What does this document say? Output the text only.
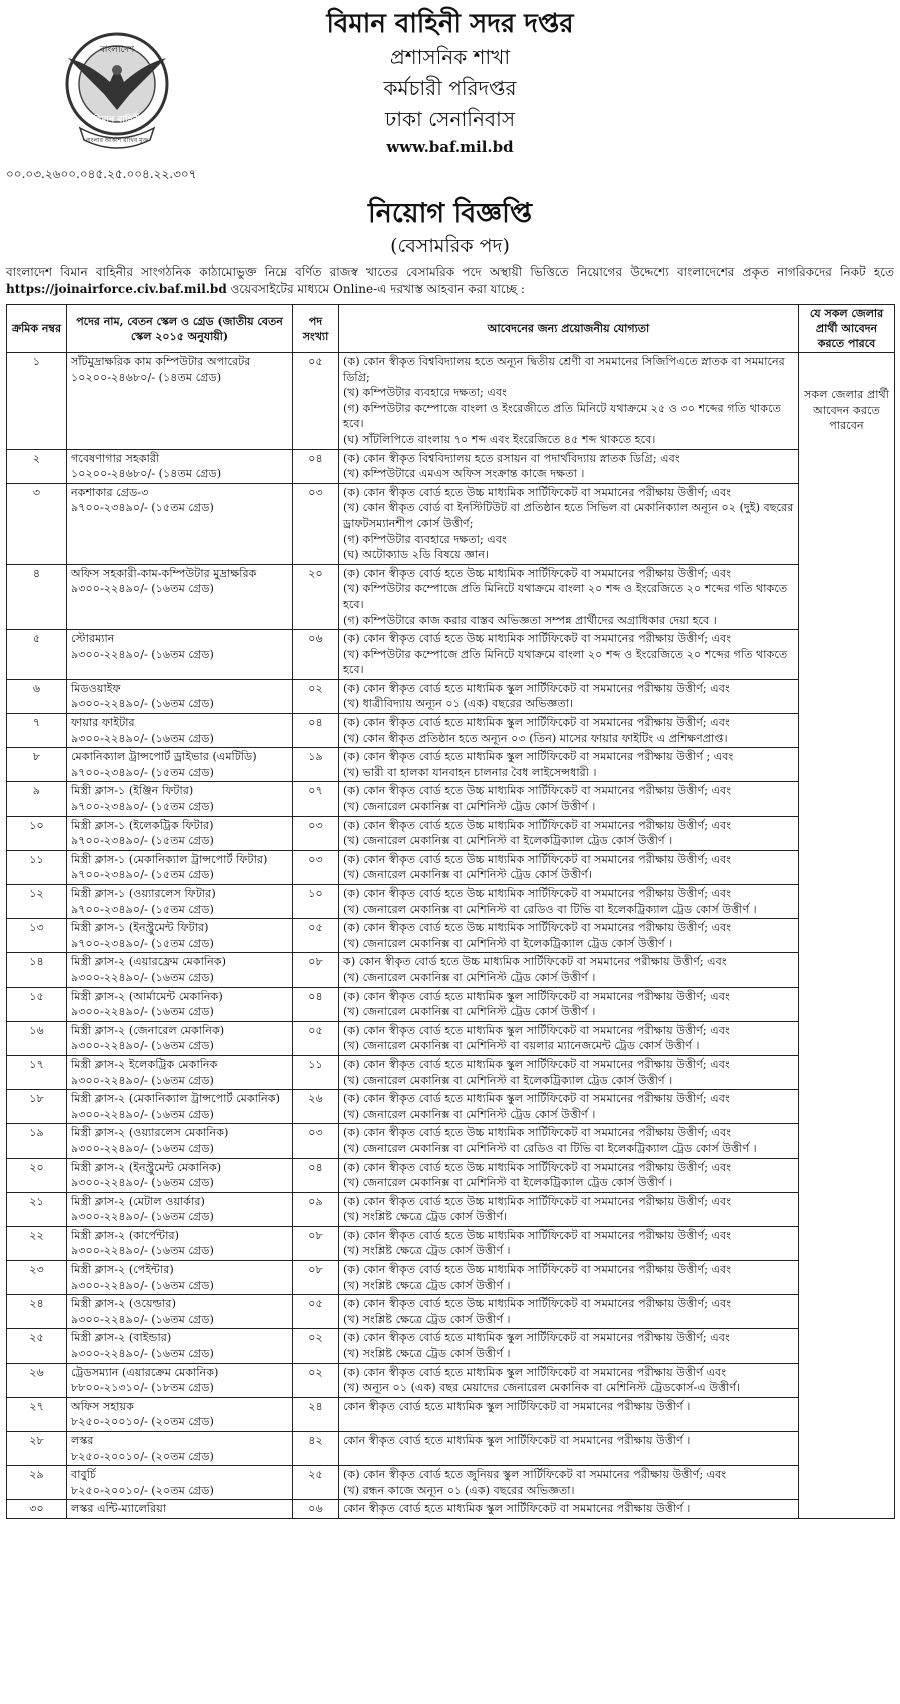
বাংলাদেশ
বিমান বাহিনী
বাংলার আকাশ রাখিব মুক্ত
বিমান বাহিনী সদর দপ্তর
প্রশাসনিক শাখা
কর্মচারী পরিদপ্তর
ঢাকা সেনানিবাস
www.baf.mil.bd
০০.০৩.২৬০০.০৪৫.২৫.০০৪.২২.৩০৭
নিয়োগ বিজ্ঞপ্তি
(বেসামরিক পদ)
বাংলাদেশ বিমান বাহিনীর সাংগঠনিক কাঠামোভুক্ত নিম্নে বর্ণিত রাজস্ব খাতের বেসামরিক পদে অস্থায়ী ভিত্তিতে নিয়োগের উদ্দেশ্যে বাংলাদেশের প্রকৃত নাগরিকদের নিকট হতে https://joinairforce.civ.baf.mil.bd ওয়েবসাইটের মাধ্যমে Online-এ দরখাস্ত আহবান করা যাচ্ছে :
ক্রমিক নম্বর	পদের নাম, বেতন স্কেল ও গ্রেড (জাতীয় বেতন স্কেল ২০১৫ অনুযায়ী)	পদ সংখ্যা	আবেদনের জন্য প্রয়োজনীয় যোগ্যতা	যে সকল জেলার প্রার্থী আবেদন করতে পারবে
১	সাঁটমুদ্রাক্ষরিক কাম কম্পিউটার অপারেটর
১০২০০-২৪৬৮০/- (১৪তম গ্রেড)	০৫	(ক) কোন স্বীকৃত বিশ্ববিদ্যালয় হতে অন্যূন দ্বিতীয় শ্রেণী বা সমমানের সিজিপিএতে স্নাতক বা সমমানের ডিগ্রি;
(খ) কম্পিউটার ব্যবহারে দক্ষতা; এবং
(গ) কম্পিউটার কম্পোজে বাংলা ও ইংরেজীতে প্রতি মিনিটে যথাক্রমে ২৫ ও ৩০ শব্দের গতি থাকতে হবে।
(ঘ) সাঁটলিপিতে বাংলায় ৭০ শব্দ এবং ইংরেজিতে ৪৫ শব্দ থাকতে হবে।	সকল জেলার প্রার্থী আবেদন করতে পারবেন
২	গবেষণাগার সহকারী
১০২০০-২৪৬৮০/- (১৪তম গ্রেড)	০৪	(ক) কোন স্বীকৃত বিশ্ববিদ্যালয় হতে রসায়ন বা পদার্থবিদ্যায় স্নাতক ডিগ্রি; এবং
(খ) কম্পিউটারে এমএস অফিস সংক্রান্ত কাজে দক্ষতা ।	

৩	নকশাকার গ্রেড-৩
৯৭০০-২৩৪৯০/- (১৫তম গ্রেড)	০৩	(ক) কোন স্বীকৃত বোর্ড হতে উচ্চ মাধ্যমিক সার্টিফিকেট বা সমমানের পরীক্ষায় উত্তীর্ণ; এবং
(খ) কোন স্বীকৃত বোর্ড বা ইনস্টিটিউট বা প্রতিষ্ঠান হতে সিভিল বা মেকানিক্যাল অন্যূন ০২ (দুই) বছরের ড্রাফটসম্যানশীপ কোর্স উত্তীর্ণ;
(গ) কম্পিউটার ব্যবহারে দক্ষতা; এবং
(ঘ) অটোক্যাড ২ডি বিষয়ে জ্ঞান।	

৪	অফিস সহকারী-কাম-কম্পিউটার মুদ্রাক্ষরিক
৯৩০০-২২৪৯০/- (১৬তম গ্রেড)	২০	(ক) কোন স্বীকৃত বোর্ড হতে উচ্চ মাধ্যমিক সার্টিফিকেট বা সমমানের পরীক্ষায় উত্তীর্ণ; এবং
(খ) কম্পিউটার কম্পোজে প্রতি মিনিটে যথাক্রমে বাংলা ২০ শব্দ ও ইংরেজিতে ২০ শব্দের গতি থাকতে হবে।
(গ) কম্পিউটারে কাজ করার বাস্তব অভিজ্ঞতা সম্পন্ন প্রার্থীদের অগ্রাধিকার দেয়া হবে ।	

৫	স্টোরম্যান
৯৩০০-২২৪৯০/- (১৬তম গ্রেড)	০৬	(ক) কোন স্বীকৃত বোর্ড হতে উচ্চ মাধ্যমিক সার্টিফিকেট বা সমমানের পরীক্ষায় উত্তীর্ণ; এবং
(খ) কম্পিউটার কম্পোজে প্রতি মিনিটে যথাক্রমে বাংলা ২০ শব্দ ও ইংরেজিতে ২০ শব্দের গতি থাকতে হবে।	

৬	মিডওয়াইফ
৯৩০০-২২৪৯০/- (১৬তম গ্রেড)	০২	(ক) কোন স্বীকৃত বোর্ড হতে মাধ্যমিক স্কুল সার্টিফিকেট বা সমমানের পরীক্ষায় উত্তীর্ণ; এবং
(খ) ধাত্রীবিদ্যায় অন্যূন ০১ (এক) বছরের অভিজ্ঞতা।	

৭	ফায়ার ফাইটার
৯৩০০-২২৪৯০/- (১৬তম গ্রেড)	০৪	(ক) কোন স্বীকৃত বোর্ড হতে মাধ্যমিক স্কুল সার্টিফিকেট বা সমমানের পরীক্ষায় উত্তীর্ণ; এবং
(খ) কোন স্বীকৃত প্রতিষ্ঠান হতে অন্যূন ০৩ (তিন) মাসের ফায়ার ফাইটিং এ প্রশিক্ষণপ্রাপ্ত।	

৮	মেকানিক্যাল ট্রান্সপোর্ট ড্রাইভার (এমটিডি)
৯৭০০-২৩৪৯০/- (১৫তম গ্রেড)	১৯	(ক) কোন স্বীকৃত বোর্ড হতে মাধ্যমিক স্কুল সার্টিফিকেট বা সমমানের পরীক্ষায় উত্তীর্ণ ; এবং
(খ) ভারী বা হালকা যানবাহন চালনার বৈধ লাইসেন্সধারী ।	

৯	মিস্ত্রী ক্লাস-১ (ইঞ্জিন ফিটার)
৯৭০০-২৩৪৯০/- (১৫তম গ্রেড)	০৭	(ক) কোন স্বীকৃত বোর্ড হতে উচ্চ মাধ্যমিক সার্টিফিকেট বা সমমানের পরীক্ষায় উত্তীর্ণ; এবং
(খ) জেনারেল মেকানিক্স বা মেশিনিস্ট ট্রেড কোর্স উত্তীর্ণ ।	

১০	মিস্ত্রী ক্লাস-১ (ইলেকট্রিক ফিটার)
৯৭০০-২৩৪৯০/- (১৫তম গ্রেড)	০৩	(ক) কোন স্বীকৃত বোর্ড হতে উচ্চ মাধ্যমিক সার্টিফিকেট বা সমমানের পরীক্ষায় উত্তীর্ণ; এবং
(খ) জেনারেল মেকানিক্স বা মেশিনিস্ট বা ইলেকট্রিক্যাল ট্রেড কোর্স উত্তীর্ণ ।	

১১	মিস্ত্রী ক্লাস-১ (মেকানিক্যাল ট্রান্সপোর্ট ফিটার)
৯৭০০-২৩৪৯০/- (১৫তম গ্রেড)	০৩	(ক) কোন স্বীকৃত বোর্ড হতে উচ্চ মাধ্যমিক সার্টিফিকেট বা সমমানের পরীক্ষায় উত্তীর্ণ; এবং
(খ) জেনারেল মেকানিক্স বা মেশিনিস্ট ট্রেড কোর্স উত্তীর্ণ।	

১২	মিস্ত্রী ক্লাস-১ (ওয়্যারলেস ফিটার)
৯৭০০-২৩৪৯০/- (১৫তম গ্রেড)	১০	(ক) কোন স্বীকৃত বোর্ড হতে উচ্চ মাধ্যমিক সার্টিফিকেট বা সমমানের পরীক্ষায় উত্তীর্ণ; এবং
(খ) জেনারেল মেকানিক্স বা মেশিনিস্ট বা রেডিও বা টিভি বা ইলেকট্রিক্যাল ট্রেড কোর্স উত্তীর্ণ ।	

১৩	মিস্ত্রী ক্লাস-১ (ইনস্ট্রুমেন্ট ফিটার)
৯৭০০-২৩৪৯০/- (১৫তম গ্রেড)	০৫	(ক) কোন স্বীকৃত বোর্ড হতে উচ্চ মাধ্যমিক সার্টিফিকেট বা সমমানের পরীক্ষায় উত্তীর্ণ; এবং
(খ) জেনারেল মেকানিক্স বা মেশিনিস্ট বা ইলেকট্রিক্যাল ট্রেড কোর্স উত্তীর্ণ ।	

১৪	মিস্ত্রী ক্লাস-২ (এয়ারফ্রেম মেকানিক)
৯৩০০-২২৪৯০/- (১৬তম গ্রেড)	০৮	ক) কোন স্বীকৃত বোর্ড হতে উচ্চ মাধ্যমিক সার্টিফিকেট বা সমমানের পরীক্ষায় উত্তীর্ণ; এবং
(খ) জেনারেল মেকানিক্স বা মেশিনিস্ট ট্রেড কোর্স উত্তীর্ণ ।	

১৫	মিস্ত্রী ক্লাস-২ (আর্মামেন্ট মেকানিক)
৯৩০০-২২৪৯০/- (১৬তম গ্রেড)	০৪	(ক) কোন স্বীকৃত বোর্ড হতে মাধ্যমিক স্কুল সার্টিফিকেট বা সমমানের পরীক্ষায় উত্তীর্ণ; এবং
(খ) জেনারেল মেকানিক্স বা মেশিনিস্ট ট্রেড কোর্স উত্তীর্ণ ।	

১৬	মিস্ত্রী ক্লাস-২ (জেনারেল মেকানিক)
৯৩০০-২২৪৯০/- (১৬তম গ্রেড)	০৫	(ক) কোন স্বীকৃত বোর্ড হতে মাধ্যমিক স্কুল সার্টিফিকেট বা সমমানের পরীক্ষায় উত্তীর্ণ; এবং
(খ) জেনারেল মেকানিক্স বা মেশিনিস্ট বা বয়লার ম্যানেজমেন্ট ট্রেড কোর্স উত্তীর্ণ ।	

১৭	মিস্ত্রী ক্লাস-২ ইলেকট্রিক মেকানিক
৯৩০০-২২৪৯০/- (১৬তম গ্রেড)	১১	(ক) কোন স্বীকৃত বোর্ড হতে মাধ্যমিক স্কুল সার্টিফিকেট বা সমমানের পরীক্ষায় উত্তীর্ণ; এবং
(খ) জেনারেল মেকানিক্স বা মেশিনিস্ট বা ইলেকট্রিক্যাল ট্রেড কোর্স উত্তীর্ণ ।	

১৮	মিস্ত্রী ক্লাস-২ (মেকানিক্যাল ট্রান্সপোর্ট মেকানিক)
৯৩০০-২২৪৯০/- (১৬তম গ্রেড)	২৬	(ক) কোন স্বীকৃত বোর্ড হতে মাধ্যমিক স্কুল সার্টিফিকেট বা সমমানের পরীক্ষায় উত্তীর্ণ; এবং
(খ) জেনারেল মেকানিক্স বা মেশিনিস্ট ট্রেড কোর্স উত্তীর্ণ ।	

১৯	মিস্ত্রী ক্লাস-২ (ওয়্যারলেস মেকানিক)
৯৩০০-২২৪৯০/- (১৬তম গ্রেড)	০৩	(ক) কোন স্বীকৃত বোর্ড হতে উচ্চ মাধ্যমিক সার্টিফিকেট বা সমমানের পরীক্ষায় উত্তীর্ণ; এবং
(খ) জেনারেল মেকানিক্স বা মেশিনিস্ট বা রেডিও বা টিভি বা ইলেকট্রিক্যাল ট্রেড কোর্স উত্তীর্ণ ।	

২০	মিস্ত্রী ক্লাস-২ (ইনস্ট্রুমেন্ট মেকানিক)
৯৩০০-২২৪৯০/- (১৬তম গ্রেড)	০৪	(ক) কোন স্বীকৃত বোর্ড হতে উচ্চ মাধ্যমিক সার্টিফিকেট বা সমমানের পরীক্ষায় উত্তীর্ণ; এবং
(খ) জেনারেল মেকানিক্স বা মেশিনিস্ট বা ইলেকট্রিক্যাল ট্রেড কোর্স উত্তীর্ণ ।	

২১	মিস্ত্রী ক্লাস-২ (মেটাল ওয়ার্কার)
৯৩০০-২২৪৯০/- (১৬তম গ্রেড)	০৯	(ক) কোন স্বীকৃত বোর্ড হতে উচ্চ মাধ্যমিক সার্টিফিকেট বা সমমানের পরীক্ষায় উত্তীর্ণ; এবং
(খ) সংশ্লিষ্ট ক্ষেত্রে ট্রেড কোর্স উত্তীর্ণ।	

২২	মিস্ত্রী ক্লাস-২ (কার্পেন্টার)
৯৩০০-২২৪৯০/- (১৬তম গ্রেড)	০৮	(ক) কোন স্বীকৃত বোর্ড হতে উচ্চ মাধ্যমিক সার্টিফিকেট বা সমমানের পরীক্ষায় উত্তীর্ণ; এবং
(খ) সংশ্লিষ্ট ক্ষেত্রে ট্রেড কোর্স উত্তীর্ণ ।	

২৩	মিস্ত্রী ক্লাস-২ (পেইন্টার)
৯৩০০-২২৪৯০/- (১৬তম গ্রেড)	০৮	(ক) কোন স্বীকৃত বোর্ড হতে উচ্চ মাধ্যমিক সার্টিফিকেট বা সমমানের পরীক্ষায় উত্তীর্ণ; এবং
(খ) সংশ্লিষ্ট ক্ষেত্রে ট্রেড কোর্স উত্তীর্ণ ।	

২৪	মিস্ত্রী ক্লাস-২ (ওয়েল্ডার)
৯৩০০-২২৪৯০/- (১৬তম গ্রেড)	০৫	(ক) কোন স্বীকৃত বোর্ড হতে উচ্চ মাধ্যমিক সার্টিফিকেট বা সমমানের পরীক্ষায় উত্তীর্ণ; এবং
(খ) সংশ্লিষ্ট ক্ষেত্রে ট্রেড কোর্স উত্তীর্ণ ।	

২৫	মিস্ত্রী ক্লাস-২ (বাইন্ডার)
৯৩০০-২২৪৯০/- (১৬তম গ্রেড)	০২	(ক) কোন স্বীকৃত বোর্ড হতে মাধ্যমিক স্কুল সার্টিফিকেট বা সমমানের পরীক্ষায় উত্তীর্ণ; এবং
(খ) সংশ্লিষ্ট ক্ষেত্রে ট্রেড কোর্স উত্তীর্ণ ।	

২৬	ট্রেডসম্যান (এয়ারক্রেম মেকানিক)
৮৮০০-২১৩১০/- (১৮তম গ্রেড)	০২	(ক) কোন স্বীকৃত বোর্ড হতে মাধ্যমিক স্কুল সার্টিফিকেট বা সমমানের পরীক্ষায় উত্তীর্ণ এবং
(খ) অন্যূন ০১ (এক) বছর মেয়াদের জেনারেল মেকানিক বা মেশিনিস্ট ট্রেডকোর্স-এ উত্তীর্ণ।	

২৭	অফিস সহায়ক
৮২৫০-২০০১০/- (২০তম গ্রেড)	২৪	কোন স্বীকৃত বোর্ড হতে মাধ্যমিক স্কুল সার্টিফিকেট বা সমমানের পরীক্ষায় উত্তীর্ণ ।	

২৮	লস্কর
৮২৫০-২০০১০/- (২০তম গ্রেড)	৪২	কোন স্বীকৃত বোর্ড হতে মাধ্যমিক স্কুল সার্টিফিকেট বা সমমানের পরীক্ষায় উত্তীর্ণ ।	

২৯	বাবুর্চি
৮২৫০-২০০১০/- (২০তম গ্রেড)	২৫	(ক) কোন স্বীকৃত বোর্ড হতে জুনিয়র স্কুল সার্টিফিকেট বা সমমানের পরীক্ষায় উত্তীর্ণ; এবং
(খ) রন্ধন কাজে অন্যূন ০১ (এক) বছরের অভিজ্ঞতা।	

৩০	লস্কর এন্টি-ম্যালেরিয়া	০৬	কোন স্বীকৃত বোর্ড হতে মাধ্যমিক স্কুল সার্টিফিকেট বা সমমানের পরীক্ষায় উত্তীর্ণ ।	
